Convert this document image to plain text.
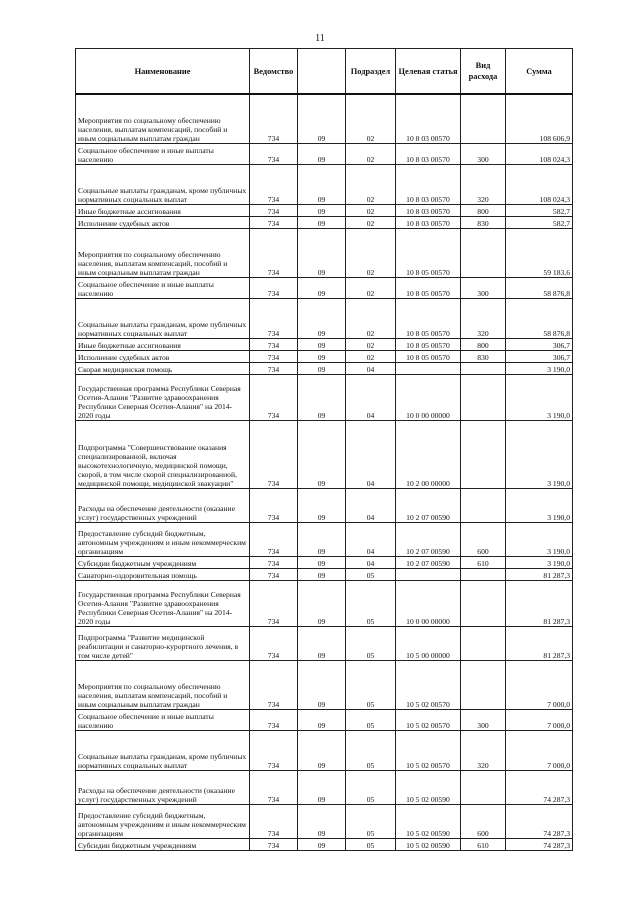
11
Наименование	Ведомство		Подраздел	Целевая статья	Вид расхода	Сумма
Мероприятия по социальному обеспечению населения, выплатам компенсаций, пособий и иным социальным выплатам граждан	734	09	02	10 8 03 00570		108 606,9
Социальное обеспечение и иные выплаты населению	734	09	02	10 8 03 00570	300	108 024,3
Социальные выплаты гражданам, кроме публичных нормативных социальных выплат	734	09	02	10 8 03 00570	320	108 024,3
Иные бюджетные ассигнования	734	09	02	10 8 03 00570	800	582,7
Исполнение судебных актов	734	09	02	10 8 03 00570	830	582,7
Мероприятия по социальному обеспечению населения, выплатам компенсаций, пособий и иным социальным выплатам граждан	734	09	02	10 8 05 00570		59 183,6
Социальное обеспечение и иные выплаты населению	734	09	02	10 8 05 00570	300	58 876,8
Социальные выплаты гражданам, кроме публичных нормативных социальных выплат	734	09	02	10 8 05 00570	320	58 876,8
Иные бюджетные ассигнования	734	09	02	10 8 05 00570	800	306,7
Исполнение судебных актов	734	09	02	10 8 05 00570	830	306,7
Скорая медицинская помощь	734	09	04			3 190,0
Государственная программа Республики Северная Осетия-Алания "Развитие здравоохранения Республики Северная Осетия-Алания" на 2014-2020 годы	734	09	04	10 0 00 00000		3 190,0
Подпрограмма "Совершенствование оказания специализированной, включая высокотехнологичную, медицинской помощи, скорой, в том числе скорой специализированной, медицинской помощи, медицинской эвакуации"	734	09	04	10 2 00 00000		3 190,0
Расходы на обеспечение деятельности (оказание услуг) государственных учреждений	734	09	04	10 2 07 00590		3 190,0
Предоставление субсидий бюджетным, автономным учреждениям и иным некоммерческим организациям	734	09	04	10 2 07 00590	600	3 190,0
Субсидии бюджетным учреждениям	734	09	04	10 2 07 00590	610	3 190,0
Санаторно-оздоровительная помощь	734	09	05			81 287,3
Государственная программа Республики Северная Осетия-Алания "Развитие здравоохранения Республики Северная Осетия-Алания" на 2014-2020 годы	734	09	05	10 0 00 00000		81 287,3
Подпрограмма "Развитие медицинской реабилитации и санаторно-курортного лечения, в том числе детей"	734	09	05	10 5 00 00000		81 287,3
Мероприятия по социальному обеспечению населения, выплатам компенсаций, пособий и иным социальным выплатам граждан	734	09	05	10 5 02 00570		7 000,0
Социальное обеспечение и иные выплаты населению	734	09	05	10 5 02 00570	300	7 000,0
Социальные выплаты гражданам, кроме публичных нормативных социальных выплат	734	09	05	10 5 02 00570	320	7 000,0
Расходы на обеспечение деятельности (оказание услуг) государственных учреждений	734	09	05	10 5 02 00590		74 287,3
Предоставление субсидий бюджетным, автономным учреждениям и иным некоммерческим организациям	734	09	05	10 5 02 00590	600	74 287,3
Субсидии бюджетным учреждениям	734	09	05	10 5 02 00590	610	74 287,3
